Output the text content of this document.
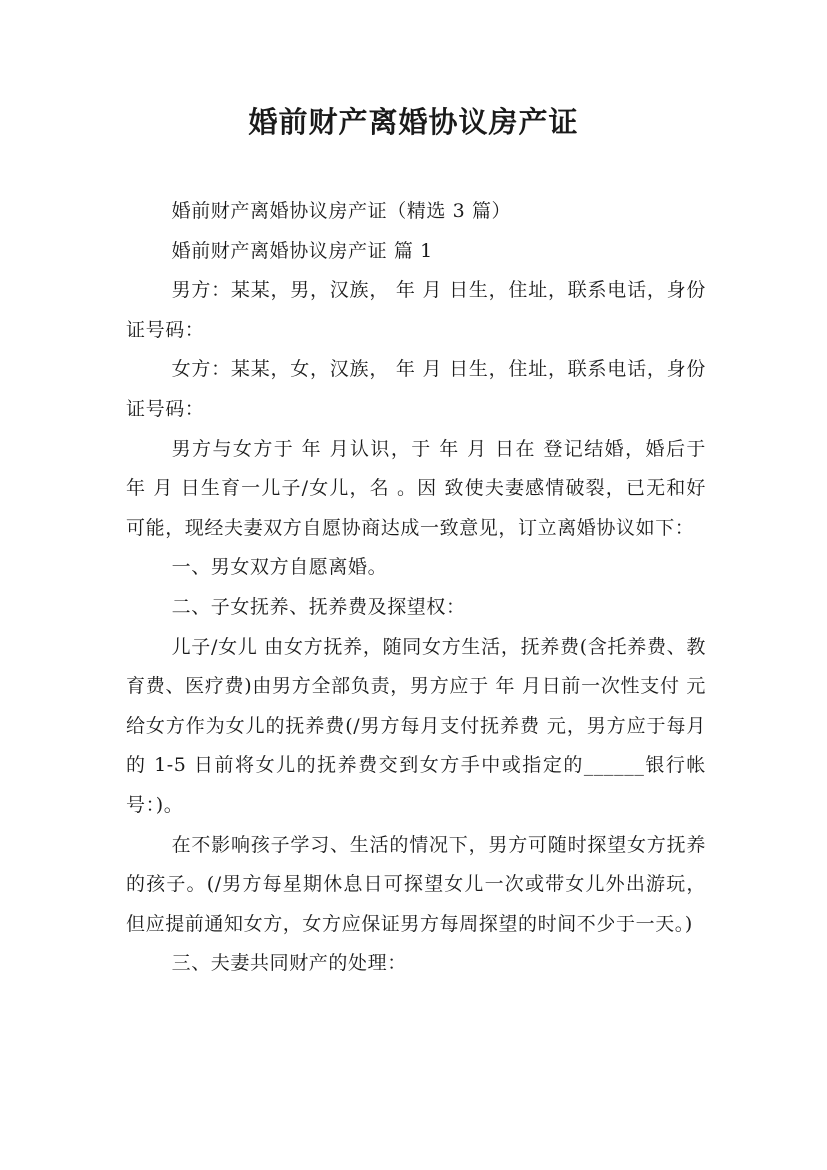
婚前财产离婚协议房产证

婚前财产离婚协议房产证（精选 3 篇）

婚前财产离婚协议房产证 篇 1

男方：某某，男，汉族， 年 月 日生，住址，联系电话，身份证号码：

女方：某某，女，汉族， 年 月 日生，住址，联系电话，身份证号码：

男方与女方于 年 月认识，于 年 月 日在 登记结婚，婚后于 年 月 日生育一儿子/女儿，名 。因 致使夫妻感情破裂，已无和好可能，现经夫妻双方自愿协商达成一致意见，订立离婚协议如下：

一、男女双方自愿离婚。

二、子女抚养、抚养费及探望权：

儿子/女儿 由女方抚养，随同女方生活，抚养费(含托养费、教育费、医疗费)由男方全部负责，男方应于 年 月日前一次性支付 元给女方作为女儿的抚养费(/男方每月支付抚养费 元，男方应于每月的 1-5 日前将女儿的抚养费交到女方手中或指定的______银行帐号：)。

在不影响孩子学习、生活的情况下，男方可随时探望女方抚养的孩子。(/男方每星期休息日可探望女儿一次或带女儿外出游玩，但应提前通知女方，女方应保证男方每周探望的时间不少于一天。)

三、夫妻共同财产的处理：
